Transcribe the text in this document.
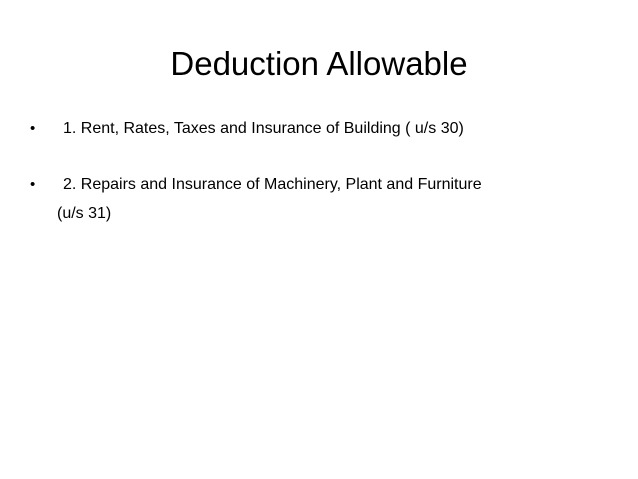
Deduction Allowable
• 1. Rent, Rates, Taxes and Insurance of Building ( u/s 30)
• 2. Repairs and Insurance of Machinery, Plant and Furniture
(u/s 31)
